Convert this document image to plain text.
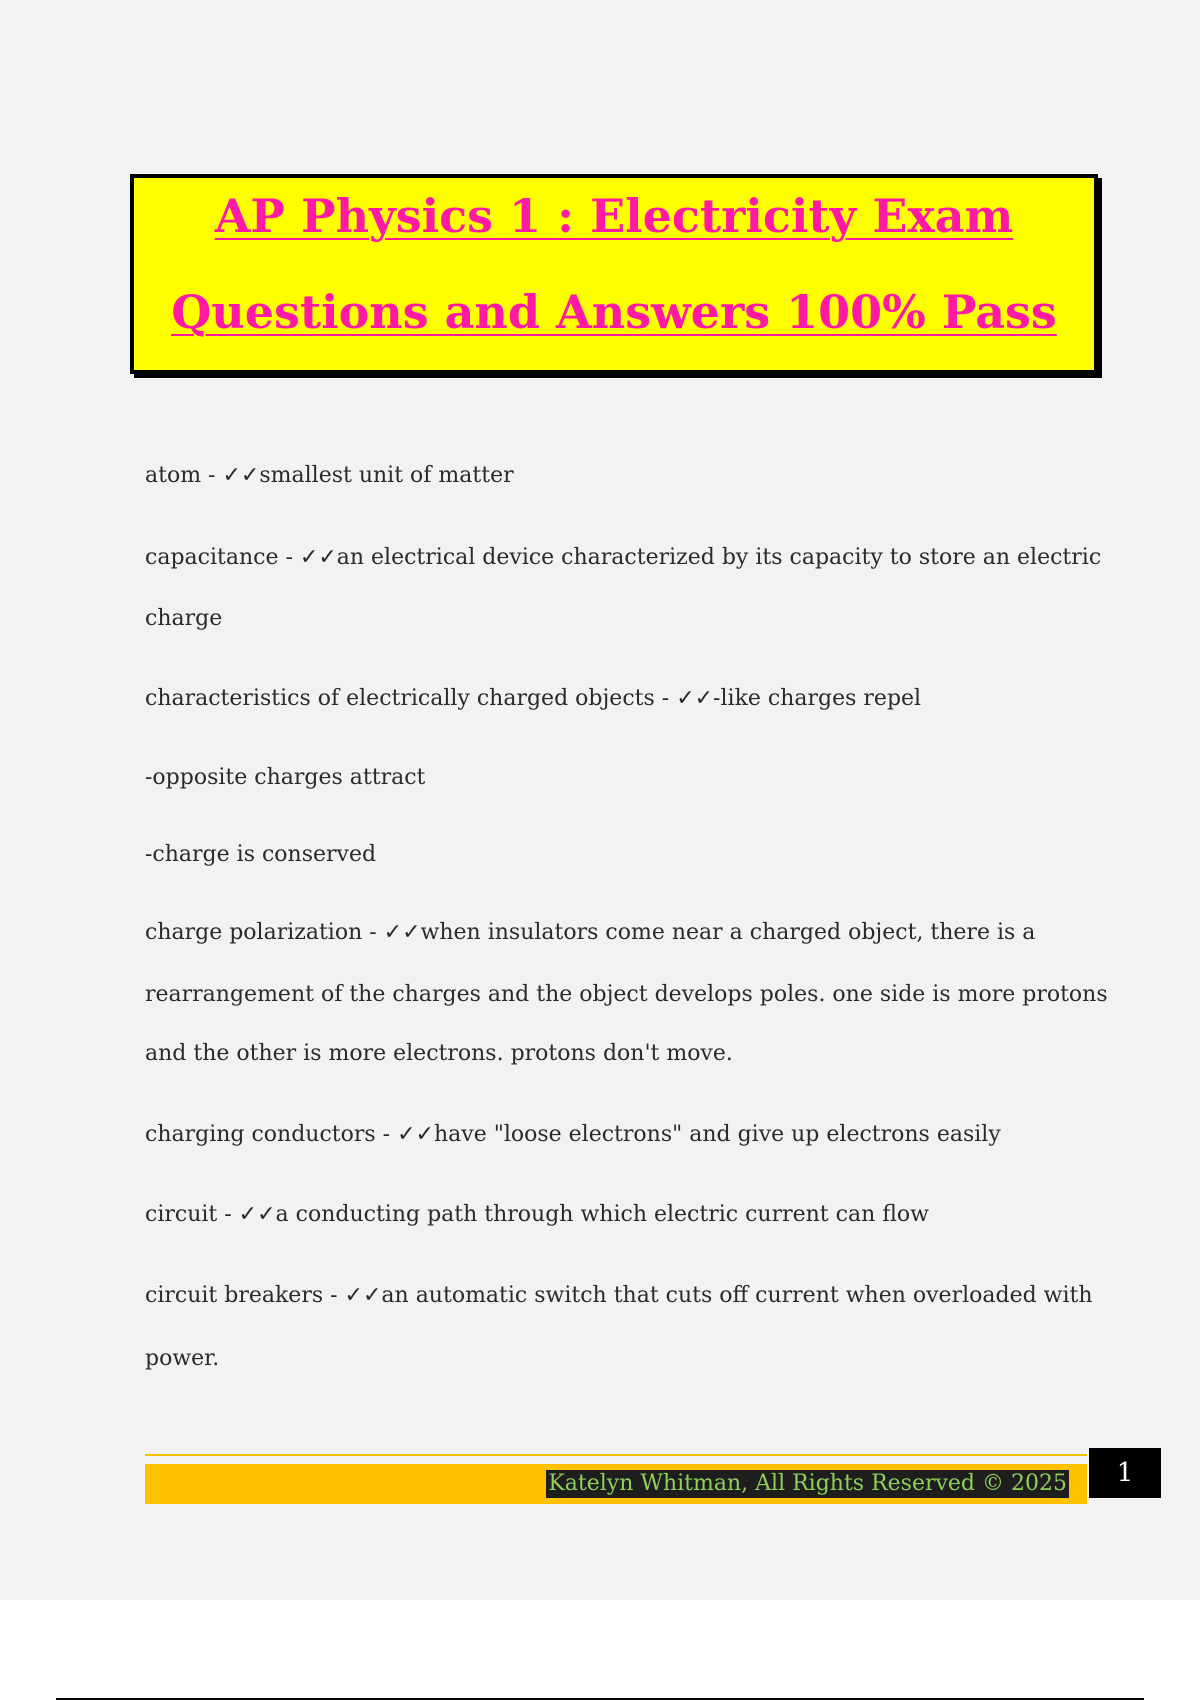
AP Physics 1 : Electricity Exam
Questions and Answers 100% Pass
atom - ✓✓smallest unit of matter
capacitance - ✓✓an electrical device characterized by its capacity to store an electric
charge
characteristics of electrically charged objects - ✓✓-like charges repel
-opposite charges attract
-charge is conserved
charge polarization - ✓✓when insulators come near a charged object, there is a
rearrangement of the charges and the object develops poles. one side is more protons
and the other is more electrons. protons don't move.
charging conductors - ✓✓have "loose electrons" and give up electrons easily
circuit - ✓✓a conducting path through which electric current can flow
circuit breakers - ✓✓an automatic switch that cuts off current when overloaded with
power.
Katelyn Whitman, All Rights Reserved © 2025	1
